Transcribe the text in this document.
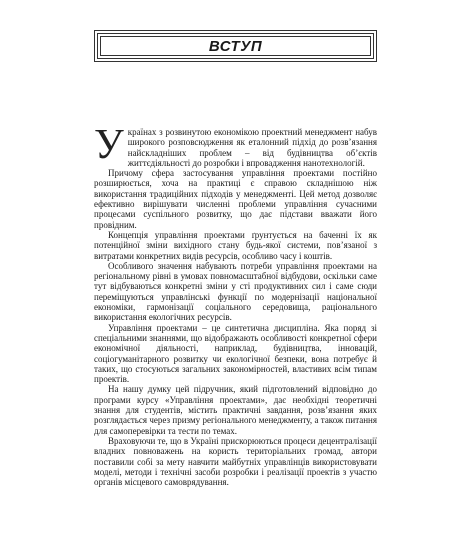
ВСТУП

Українах з розвинутою економікою проектний менеджмент набув широкого розповсюдження як еталонний підхід до розв’язання найскладніших проблем – від будівництва об’єктів життєдіяльності до розробки і впровадження нанотехнологій.

Причому сфера застосування управління проектами постійно розширюється, хоча на практиці є справою складнішою ніж використання традиційних підходів у менеджменті. Цей метод дозволяє ефективно вирішувати численні проблеми управління сучасними процесами суспільного розвитку, що дає підстави вважати його провідним.

Концепція управління проектами ґрунтується на баченні їх як потенційної зміни вихідного стану будь-якої системи, пов’язаної з витратами конкретних видів ресурсів, особливо часу і коштів.

Особливого значення набувають потреби управління проектами на регіональному рівні в умовах повномасштабної відбудови, оскільки саме тут відбуваються конкретні зміни у сті продуктивних сил і саме сюди переміщуються управлінські функції по модернізації національної економіки, гармонізації соціального середовища, раціонального використання екологічних ресурсів.

Управління проектами – це синтетична дисципліна. Яка поряд зі спеціальними знаннями, що відображають особливості конкретної сфери економічної діяльності, наприклад, будівництва, інновацій, соціогуманітарного розвитку чи екологічної безпеки, вона потребує й таких, що стосуються загальних закономірностей, властивих всім типам проектів.

На нашу думку цей підручник, який підготовлений відповідно до програми курсу «Управління проектами», дає необхідні теоретичні знання для студентів, містить практичні завдання, розв’язання яких розглядається через призму регіонального менеджменту, а також питання для самоперевірки та тести по темах.

Враховуючи те, що в Україні прискорюються процеси децентралізації владних повноважень на користь територіальних громад, автори поставили собі за мету навчити майбутніх управлінців використовувати моделі, методи і технічні засоби розробки і реалізації проектів з участю органів місцевого самоврядування.
